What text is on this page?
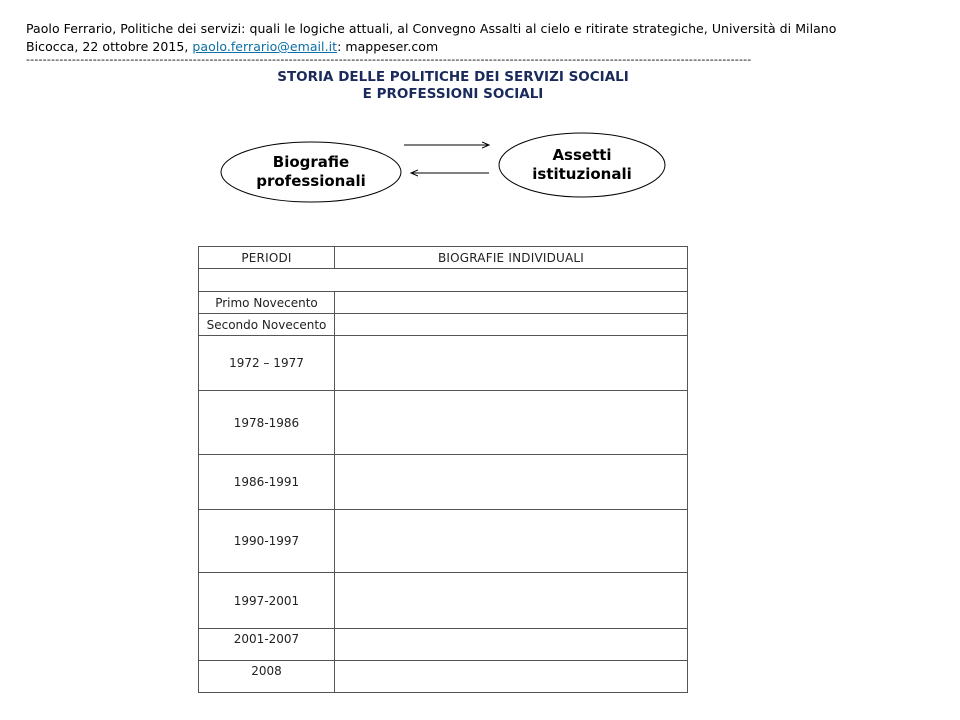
Paolo Ferrario, Politiche dei servizi: quali le logiche attuali, al Convegno Assalti al cielo e ritirate strategiche, Università di Milano
Bicocca, 22 ottobre 2015, paolo.ferrario@email.it: mappeser.com
------------------------------------------------------------------------------------------------------------------------------------------------------------------------------
STORIA DELLE POLITICHE DEI SERVIZI SOCIALI
E PROFESSIONI SOCIALI
Biografie
professionali
Assetti
istituzionali
PERIODI	BIOGRAFIE INDIVIDUALI

Primo Novecento	
Secondo Novecento	
1972 – 1977	
1978-1986	
1986-1991	
1990-1997	
1997-2001	
2001-2007	
2008	
